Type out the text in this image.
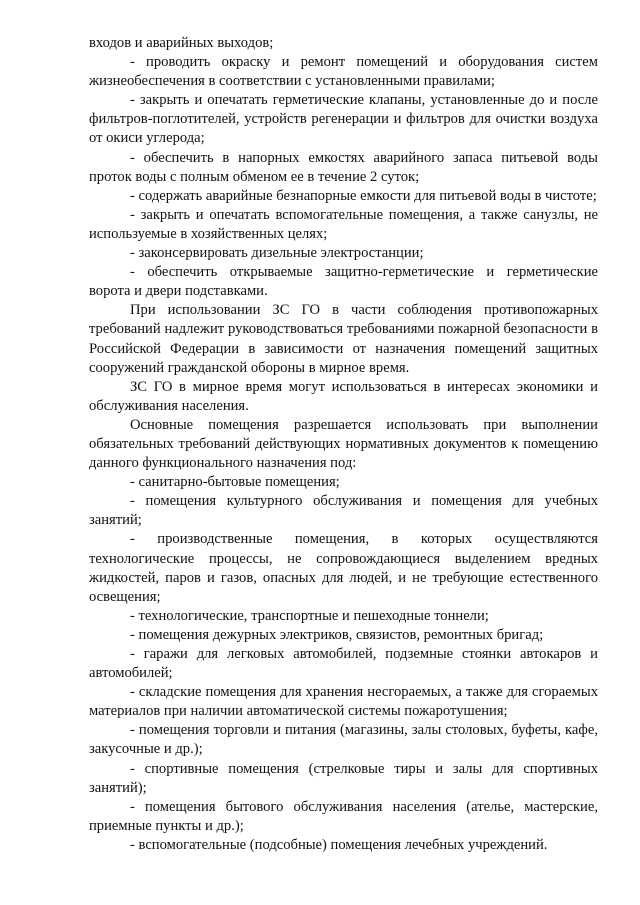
входов и аварийных выходов;

- проводить окраску и ремонт помещений и оборудования систем жизнеобеспечения в соответствии с установленными правилами;

- закрыть и опечатать герметические клапаны, установленные до и после фильтров-поглотителей, устройств регенерации и фильтров для очистки воздуха от окиси углерода;

- обеспечить в напорных емкостях аварийного запаса питьевой воды проток воды с полным обменом ее в течение 2 суток;

- содержать аварийные безнапорные емкости для питьевой воды в чистоте;

- закрыть и опечатать вспомогательные помещения, а также санузлы, не используемые в хозяйственных целях;

- законсервировать дизельные электростанции;

- обеспечить открываемые защитно-герметические и герметические ворота и двери подставками.

При использовании ЗС ГО в части соблюдения противопожарных требований надлежит руководствоваться требованиями пожарной безопасности в Российской Федерации в зависимости от назначения помещений защитных сооружений гражданской обороны в мирное время.

ЗС ГО в мирное время могут использоваться в интересах экономики и обслуживания населения.

Основные помещения разрешается использовать при выполнении обязательных требований действующих нормативных документов к помещению данного функционального назначения под:

- санитарно-бытовые помещения;

- помещения культурного обслуживания и помещения для учебных занятий;

- производственные помещения, в которых осуществляются технологические процессы, не сопровождающиеся выделением вредных жидкостей, паров и газов, опасных для людей, и не требующие естественного освещения;

- технологические, транспортные и пешеходные тоннели;

- помещения дежурных электриков, связистов, ремонтных бригад;

- гаражи для легковых автомобилей, подземные стоянки автокаров и автомобилей;

- складские помещения для хранения несгораемых, а также для сгораемых материалов при наличии автоматической системы пожаротушения;

- помещения торговли и питания (магазины, залы столовых, буфеты, кафе, закусочные и др.);

- спортивные помещения (стрелковые тиры и залы для спортивных занятий);

- помещения бытового обслуживания населения (ателье, мастерские, приемные пункты и др.);

- вспомогательные (подсобные) помещения лечебных учреждений.
